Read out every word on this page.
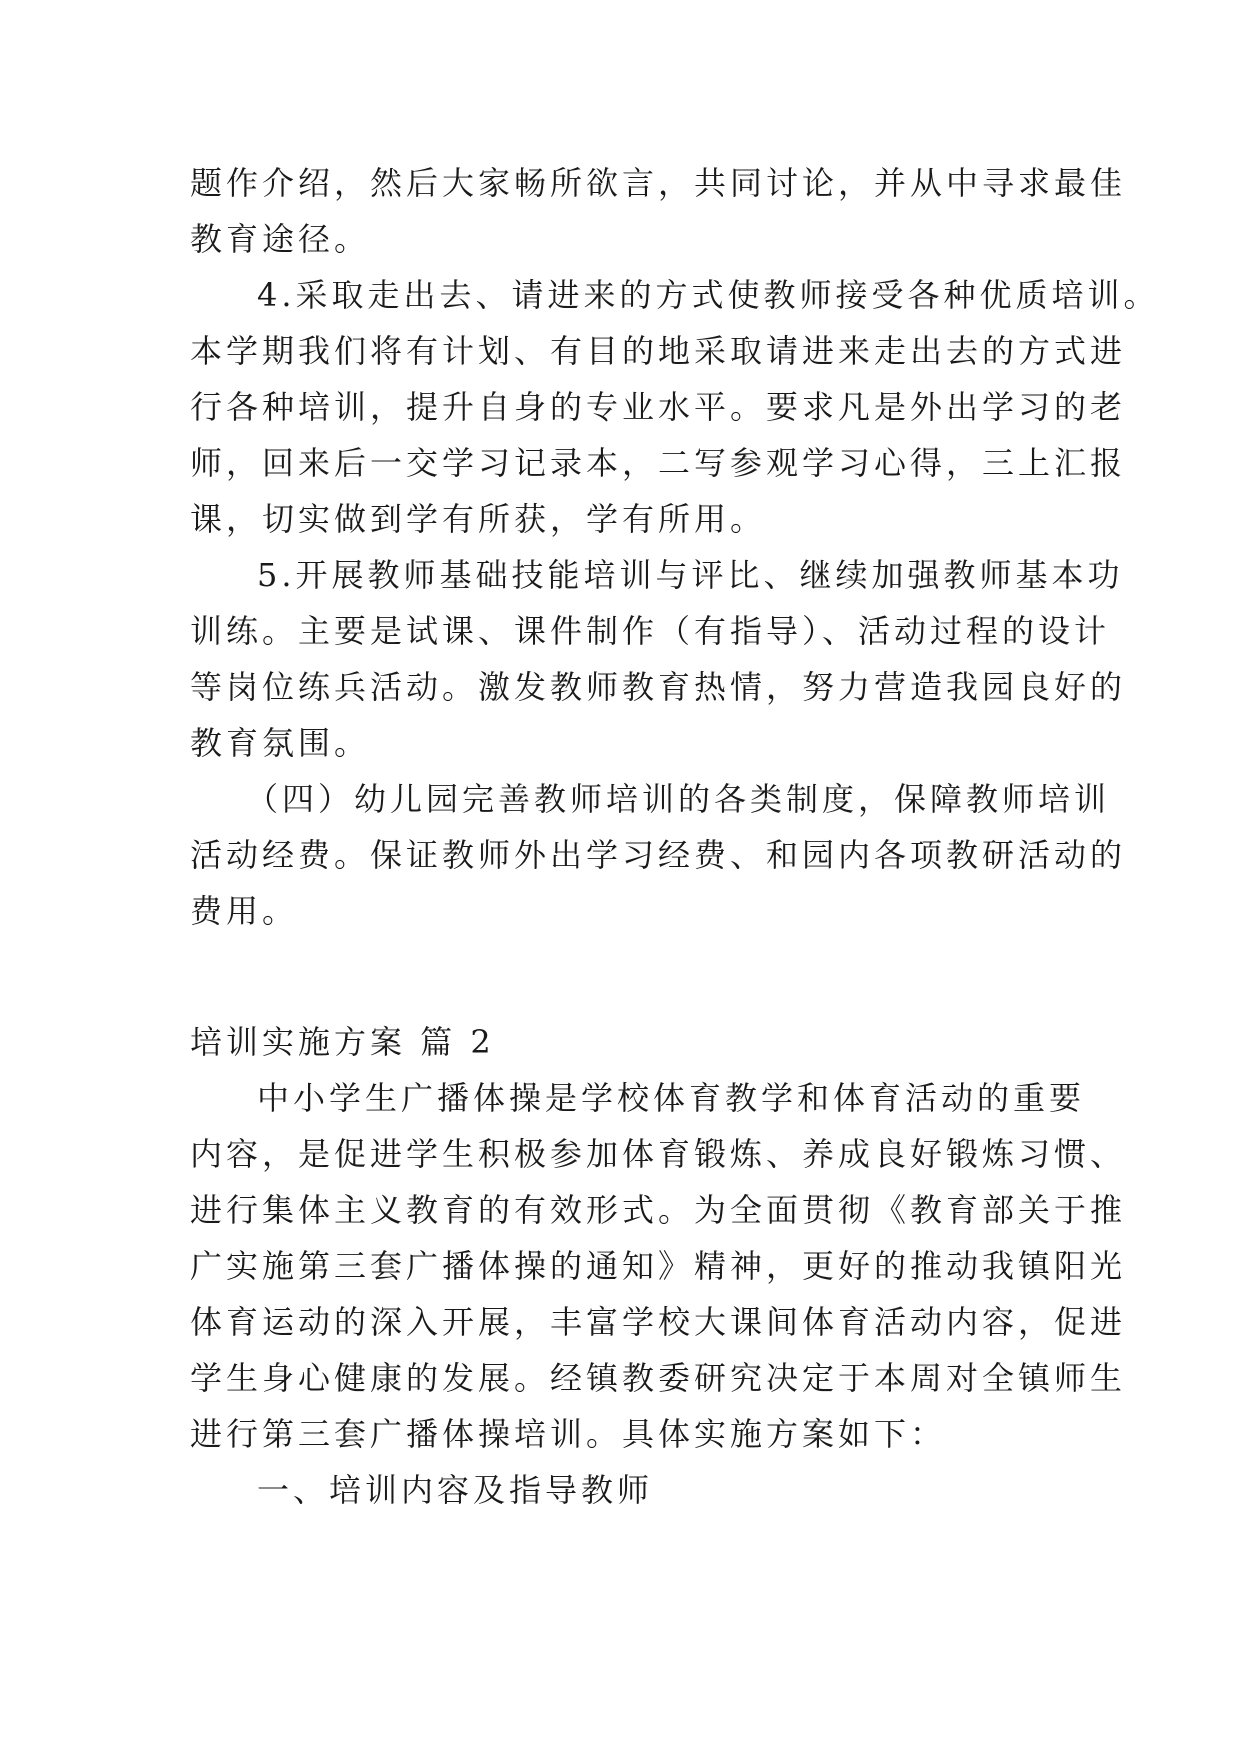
题作介绍，然后大家畅所欲言，共同讨论，并从中寻求最佳
教育途径。
4.采取走出去、请进来的方式使教师接受各种优质培训。
本学期我们将有计划、有目的地采取请进来走出去的方式进
行各种培训，提升自身的专业水平。要求凡是外出学习的老
师，回来后一交学习记录本，二写参观学习心得，三上汇报
课，切实做到学有所获，学有所用。
5.开展教师基础技能培训与评比、继续加强教师基本功
训练。主要是试课、课件制作（有指导）、活动过程的设计
等岗位练兵活动。激发教师教育热情，努力营造我园良好的
教育氛围。
（四）幼儿园完善教师培训的各类制度，保障教师培训
活动经费。保证教师外出学习经费、和园内各项教研活动的
费用。
培训实施方案 篇 2
中小学生广播体操是学校体育教学和体育活动的重要
内容，是促进学生积极参加体育锻炼、养成良好锻炼习惯、
进行集体主义教育的有效形式。为全面贯彻《教育部关于推
广实施第三套广播体操的通知》精神，更好的推动我镇阳光
体育运动的深入开展，丰富学校大课间体育活动内容，促进
学生身心健康的发展。经镇教委研究决定于本周对全镇师生
进行第三套广播体操培训。具体实施方案如下：
一、培训内容及指导教师
